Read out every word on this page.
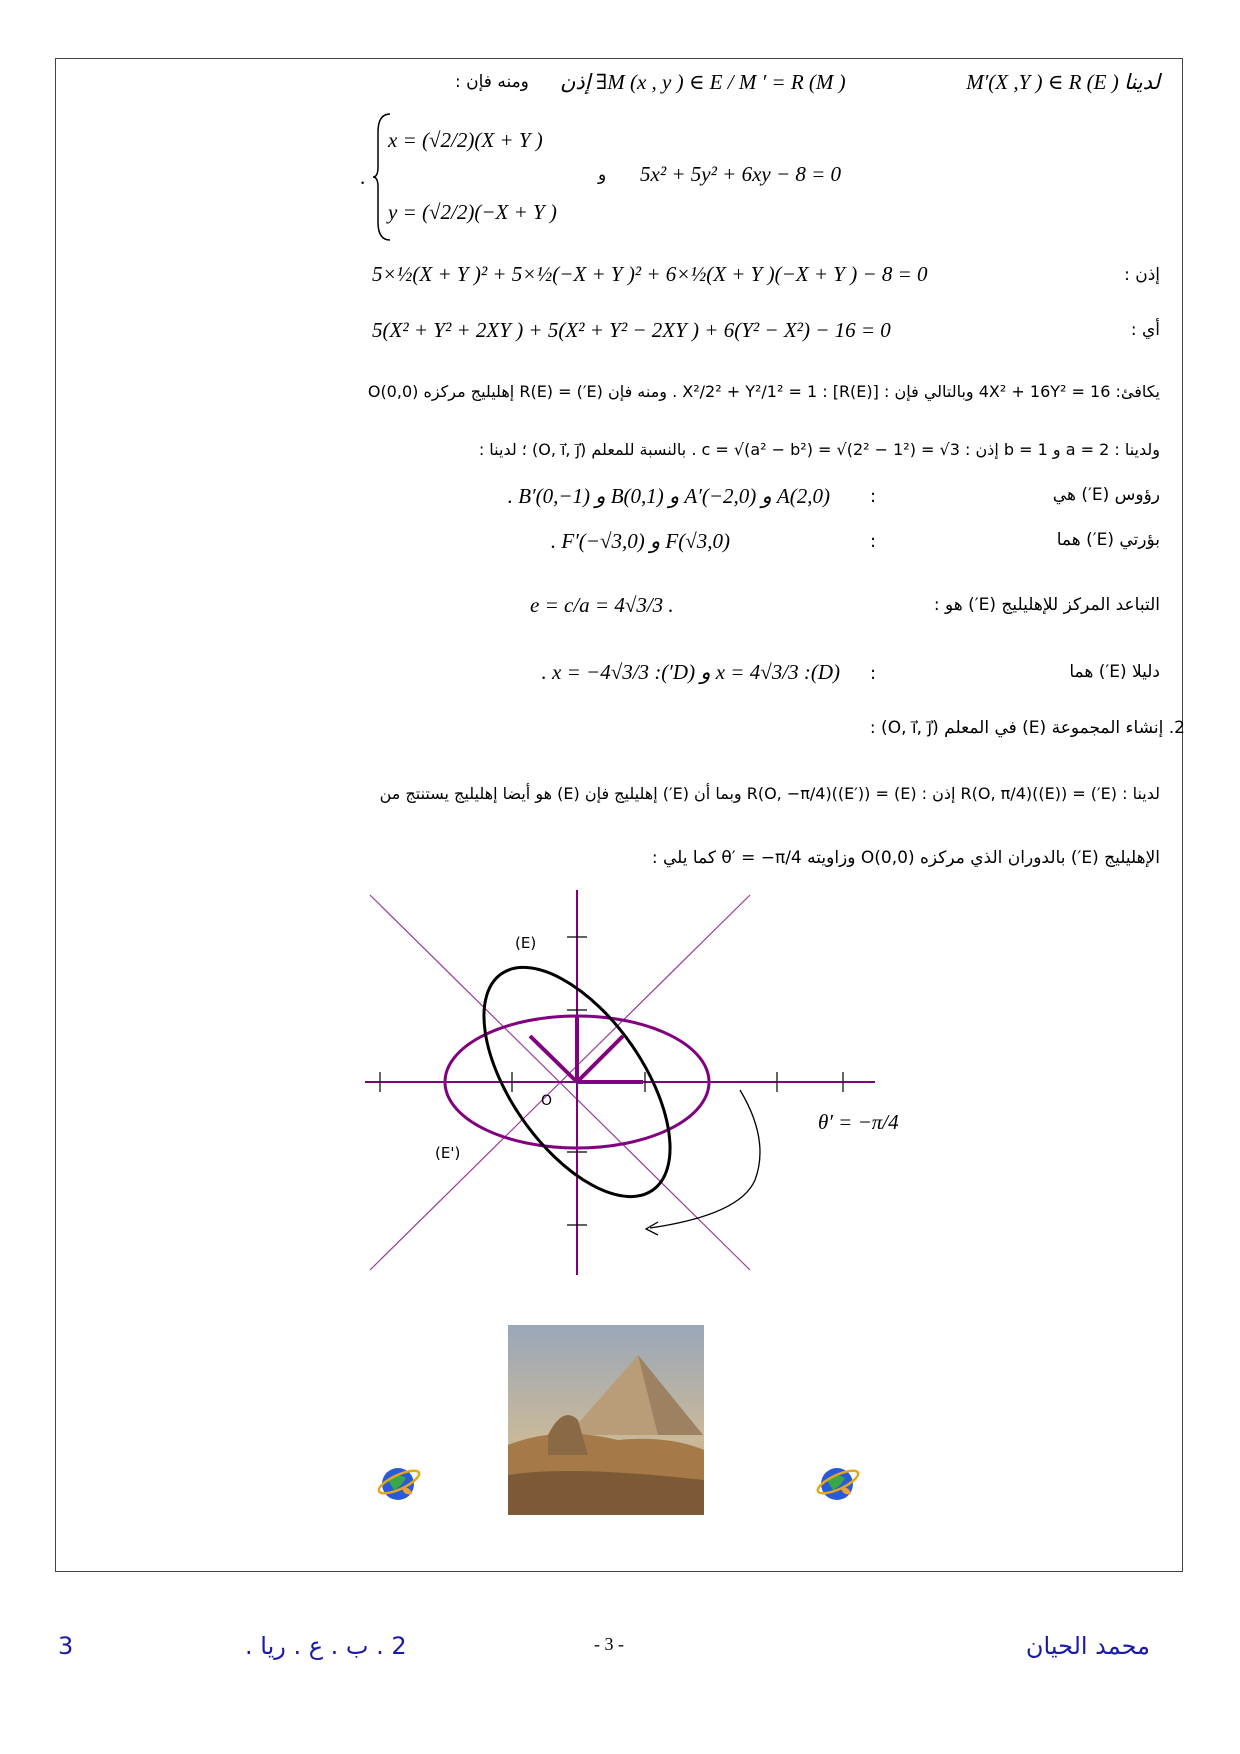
لدينا M′(X ,Y ) ∈ R (E )
إذن ∃M (x , y ) ∈ E / M ′ = R (M )
ومنه فإن :
x = (√2/2)(X + Y )
y = (√2/2)(−X + Y )
.	و 5x² + 5y² + 6xy − 8 = 0
5×½(X + Y )² + 5×½(−X + Y )² + 6×½(X + Y )(−X + Y ) − 8 = 0	إذن :
5(X² + Y² + 2XY ) + 5(X² + Y² − 2XY ) + 6(Y² − X²) − 16 = 0	أي :
يكافئ: 4X² + 16Y² = 16 وبالتالي فإن : X²/2² + Y²/1² = 1 : [R(E)] . ومنه فإن (E′) = R(E) إهليليج مركزه O(0,0)
ولدينا : a = 2 و b = 1 إذن : c = √(a² − b²) = √(2² − 1²) = √3 . بالنسبة للمعلم (O, i⃗, j⃗) ؛ لدينا :
رؤوس (E′) هي
:
A(2,0) و A′(−2,0) و B(0,1) و B′(0,−1) .
بؤرتي (E′) هما
:
F(√3,0) و F′(−√3,0) .
التباعد المركز للإهليليج (E′) هو :
e = c/a = 4√3/3 .
دليلا (E′) هما
:
(D): x = 4√3/3 و (D′): x = −4√3/3 .
2. إنشاء المجموعة (E) في المعلم (O, i⃗, j⃗) :
لدينا : (E′) = R(O, π/4)((E)) إذن : (E) = R(O, −π/4)((E′)) وبما أن (E′) إهليليج فإن (E) هو أيضا إهليليج يستنتج من
الإهليليج (E′) بالدوران الذي مركزه O(0,0) وزاويته θ′ = −π/4 كما يلي :
(E)
(E')
O
θ′ = −π/4
محمد الحيان
2 . ب . ع . ريا .	- 3 -
3
